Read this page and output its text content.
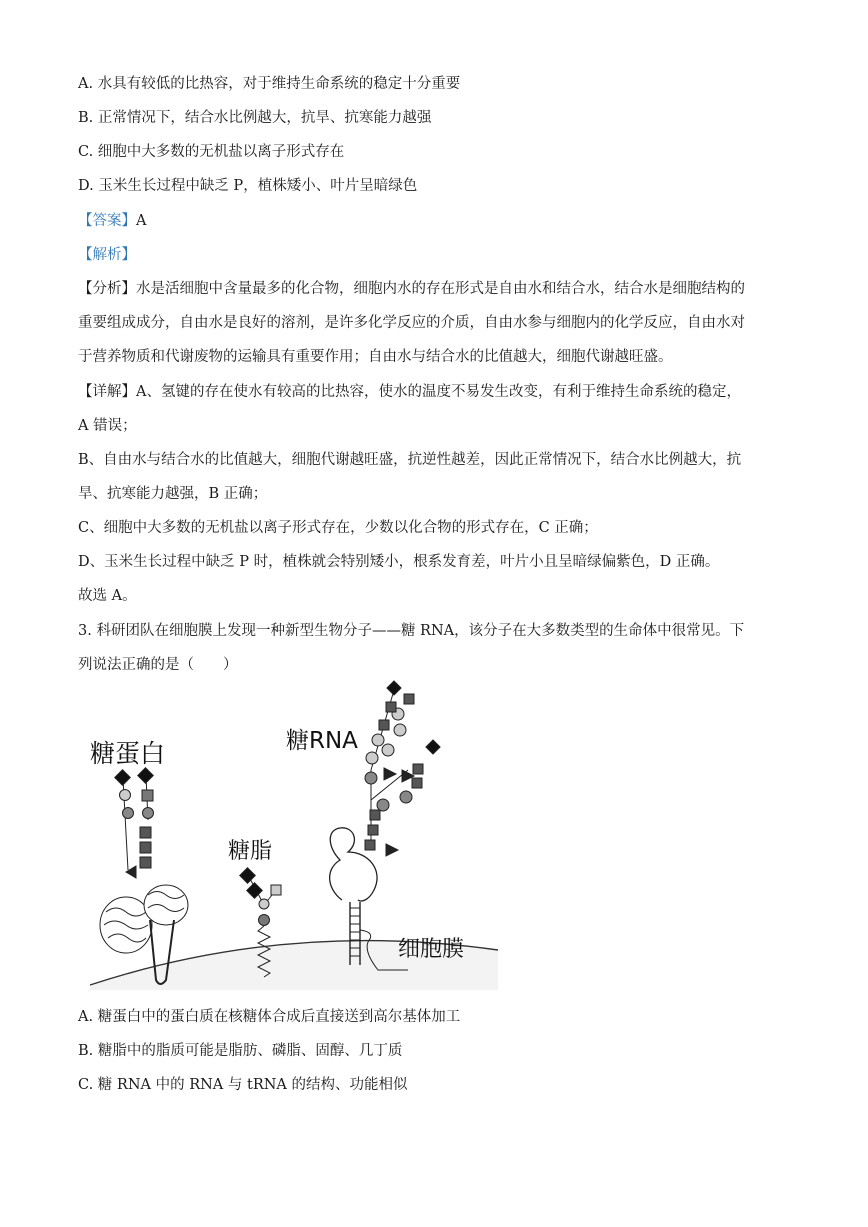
A. 水具有较低的比热容，对于维持生命系统的稳定十分重要
B. 正常情况下，结合水比例越大，抗旱、抗寒能力越强
C. 细胞中大多数的无机盐以离子形式存在
D. 玉米生长过程中缺乏 P，植株矮小、叶片呈暗绿色
【答案】A
【解析】
【分析】水是活细胞中含量最多的化合物，细胞内水的存在形式是自由水和结合水，结合水是细胞结构的
重要组成成分，自由水是良好的溶剂，是许多化学反应的介质，自由水参与细胞内的化学反应，自由水对
于营养物质和代谢废物的运输具有重要作用；自由水与结合水的比值越大，细胞代谢越旺盛。
【详解】A、氢键的存在使水有较高的比热容，使水的温度不易发生改变，有利于维持生命系统的稳定，
A 错误；
B、自由水与结合水的比值越大，细胞代谢越旺盛，抗逆性越差，因此正常情况下，结合水比例越大，抗
旱、抗寒能力越强，B 正确；
C、细胞中大多数的无机盐以离子形式存在，少数以化合物的形式存在，C 正确；
D、玉米生长过程中缺乏 P 时，植株就会特别矮小，根系发育差，叶片小且呈暗绿偏紫色，D 正确。
故选 A。
3. 科研团队在细胞膜上发现一种新型生物分子——糖 RNA，该分子在大多数类型的生命体中很常见。下
列说法正确的是（　　）
糖蛋白
糖脂
糖RNA
细胞膜
A. 糖蛋白中的蛋白质在核糖体合成后直接送到高尔基体加工
B. 糖脂中的脂质可能是脂肪、磷脂、固醇、几丁质
C. 糖 RNA 中的 RNA 与 tRNA 的结构、功能相似
